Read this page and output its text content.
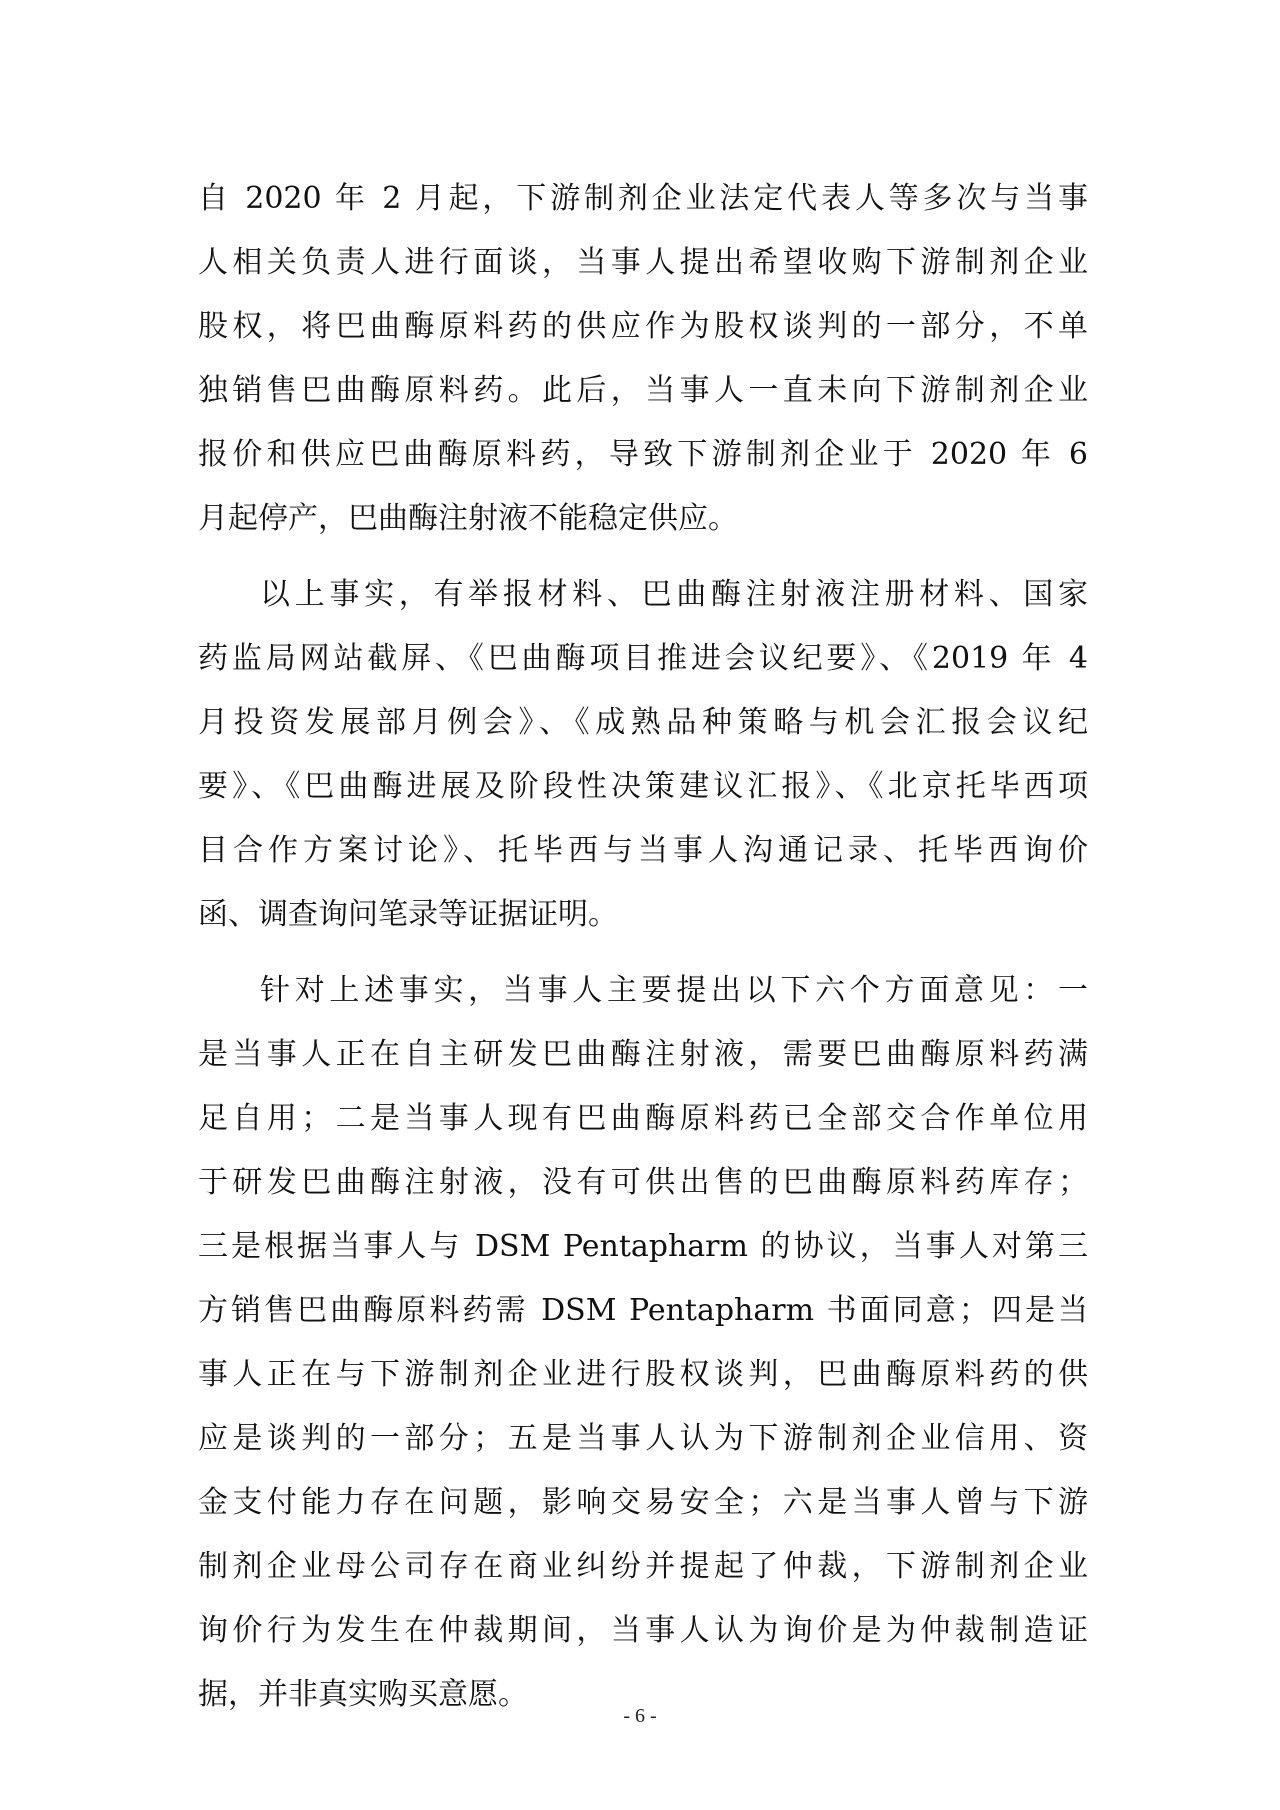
自 2020 年 2 月起，下游制剂企业法定代表人等多次与当事
人相关负责人进行面谈，当事人提出希望收购下游制剂企业
股权，将巴曲酶原料药的供应作为股权谈判的一部分，不单
独销售巴曲酶原料药。此后，当事人一直未向下游制剂企业
报价和供应巴曲酶原料药，导致下游制剂企业于 2020 年 6
月起停产，巴曲酶注射液不能稳定供应。
以上事实，有举报材料、巴曲酶注射液注册材料、国家
药监局网站截屏、《巴曲酶项目推进会议纪要》、《2019 年 4
月投资发展部月例会》、《成熟品种策略与机会汇报会议纪
要》、《巴曲酶进展及阶段性决策建议汇报》、《北京托毕西项
目合作方案讨论》、托毕西与当事人沟通记录、托毕西询价
函、调查询问笔录等证据证明。
针对上述事实，当事人主要提出以下六个方面意见：一
是当事人正在自主研发巴曲酶注射液，需要巴曲酶原料药满
足自用；二是当事人现有巴曲酶原料药已全部交合作单位用
于研发巴曲酶注射液，没有可供出售的巴曲酶原料药库存；
三是根据当事人与 DSM Pentapharm 的协议，当事人对第三
方销售巴曲酶原料药需 DSM Pentapharm 书面同意；四是当
事人正在与下游制剂企业进行股权谈判，巴曲酶原料药的供
应是谈判的一部分；五是当事人认为下游制剂企业信用、资
金支付能力存在问题，影响交易安全；六是当事人曾与下游
制剂企业母公司存在商业纠纷并提起了仲裁，下游制剂企业
询价行为发生在仲裁期间，当事人认为询价是为仲裁制造证
据，并非真实购买意愿。
- 6 -
